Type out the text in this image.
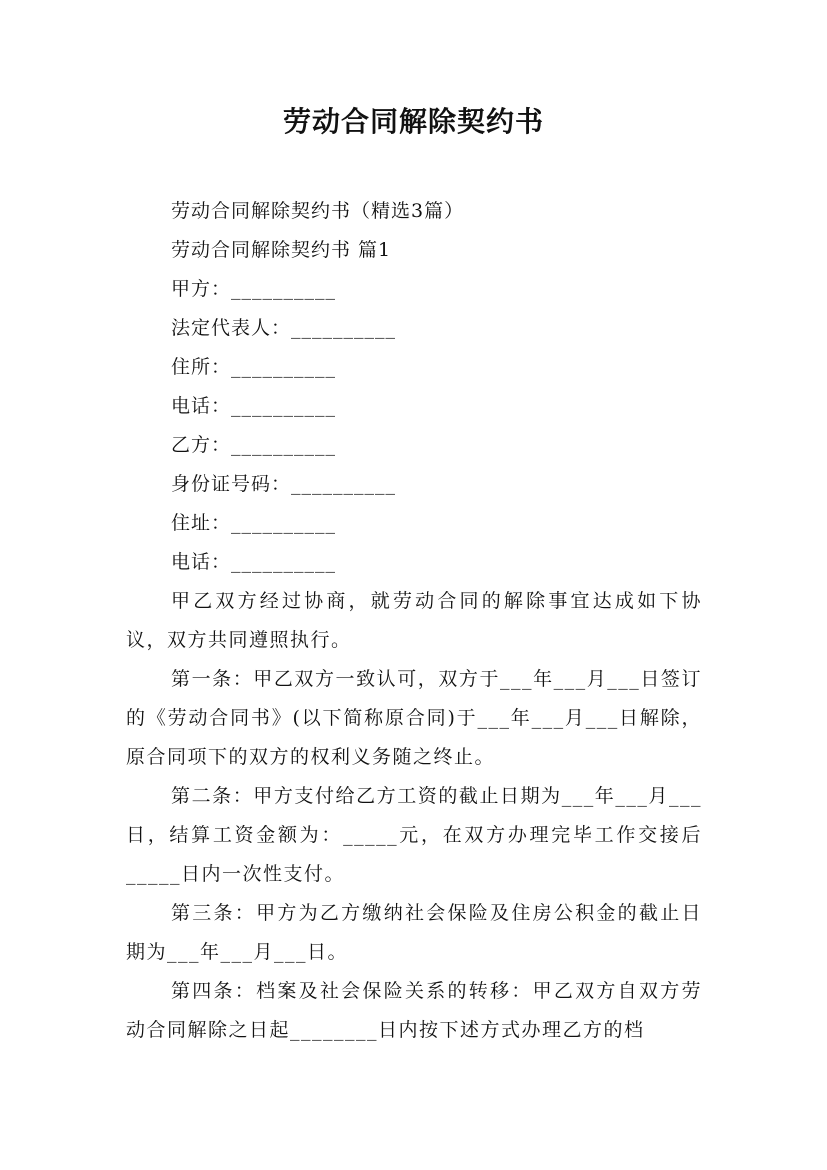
劳动合同解除契约书
劳动合同解除契约书（精选3篇）
劳动合同解除契约书 篇1
甲方：__________
法定代表人：__________
住所：__________
电话：__________
乙方：__________
身份证号码：__________
住址：__________
电话：__________
甲乙双方经过协商，就劳动合同的解除事宜达成如下协议，双方共同遵照执行。
第一条：甲乙双方一致认可，双方于___年___月___日签订的《劳动合同书》(以下简称原合同)于___年___月___日解除，原合同项下的双方的权利义务随之终止。
第二条：甲方支付给乙方工资的截止日期为___年___月___日，结算工资金额为：_____元，在双方办理完毕工作交接后_____日内一次性支付。
第三条：甲方为乙方缴纳社会保险及住房公积金的截止日期为___年___月___日。
第四条：档案及社会保险关系的转移：甲乙双方自双方劳动合同解除之日起________日内按下述方式办理乙方的档
